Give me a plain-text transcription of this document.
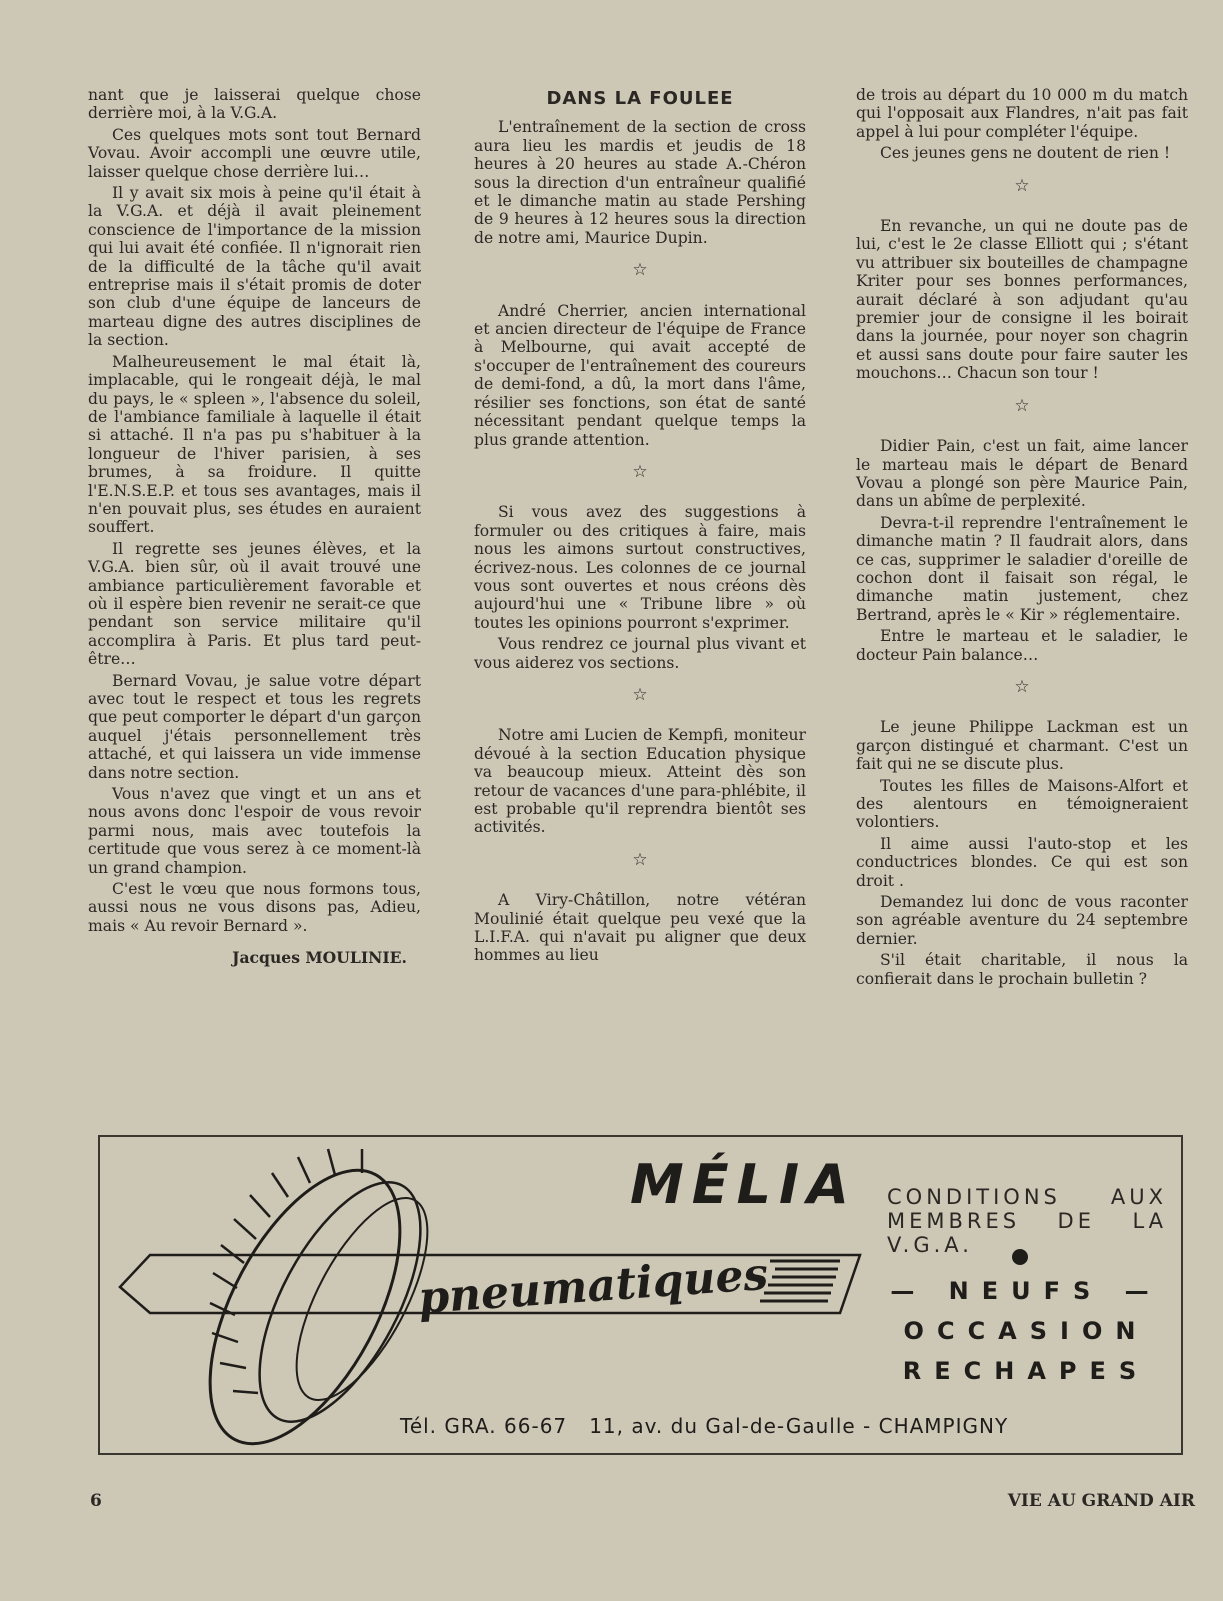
nant que je laisserai quelque chose derrière moi, à la V.G.A.

Ces quelques mots sont tout Bernard Vovau. Avoir accompli une œuvre utile, laisser quelque chose derrière lui…

Il y avait six mois à peine qu'il était à la V.G.A. et déjà il avait pleinement conscience de l'importance de la mission qui lui avait été confiée. Il n'ignorait rien de la difficulté de la tâche qu'il avait entreprise mais il s'était promis de doter son club d'une équipe de lanceurs de marteau digne des autres disciplines de la section.

Malheureusement le mal était là, implacable, qui le rongeait déjà, le mal du pays, le « spleen », l'absence du soleil, de l'ambiance familiale à laquelle il était si attaché. Il n'a pas pu s'habituer à la longueur de l'hiver parisien, à ses brumes, à sa froidure. Il quitte l'E.N.S.E.P. et tous ses avantages, mais il n'en pouvait plus, ses études en auraient souffert.

Il regrette ses jeunes élèves, et la V.G.A. bien sûr, où il avait trouvé une ambiance particulièrement favorable et où il espère bien revenir ne serait-ce que pendant son service militaire qu'il accomplira à Paris. Et plus tard peut-être…

Bernard Vovau, je salue votre départ avec tout le respect et tous les regrets que peut comporter le départ d'un garçon auquel j'étais personnellement très attaché, et qui laissera un vide immense dans notre section.

Vous n'avez que vingt et un ans et nous avons donc l'espoir de vous revoir parmi nous, mais avec toutefois la certitude que vous serez à ce moment-là un grand champion.

C'est le vœu que nous formons tous, aussi nous ne vous disons pas, Adieu, mais « Au revoir Bernard ».

Jacques MOULINIE.
DANS LA FOULEE

L'entraînement de la section de cross aura lieu les mardis et jeudis de 18 heures à 20 heures au stade A.-Chéron sous la direction d'un entraîneur qualifié et le dimanche matin au stade Pershing de 9 heures à 12 heures sous la direction de notre ami, Maurice Dupin.

☆

André Cherrier, ancien international et ancien directeur de l'équipe de France à Melbourne, qui avait accepté de s'occuper de l'entraînement des coureurs de demi-fond, a dû, la mort dans l'âme, résilier ses fonctions, son état de santé nécessitant pendant quelque temps la plus grande attention.

☆

Si vous avez des suggestions à formuler ou des critiques à faire, mais nous les aimons surtout constructives, écrivez-nous. Les colonnes de ce journal vous sont ouvertes et nous créons dès aujourd'hui une « Tribune libre » où toutes les opinions pourront s'exprimer.

Vous rendrez ce journal plus vivant et vous aiderez vos sections.

☆

Notre ami Lucien de Kempfi, moniteur dévoué à la section Education physique va beaucoup mieux. Atteint dès son retour de vacances d'une para-phlébite, il est probable qu'il reprendra bientôt ses activités.

☆

A Viry-Châtillon, notre vétéran Moulinié était quelque peu vexé que la L.I.F.A. qui n'avait pu aligner que deux hommes au lieu

de trois au départ du 10 000 m du match qui l'opposait aux Flandres, n'ait pas fait appel à lui pour compléter l'équipe.

Ces jeunes gens ne doutent de rien !

☆

En revanche, un qui ne doute pas de lui, c'est le 2e classe Elliott qui ; s'étant vu attribuer six bouteilles de champagne Kriter pour ses bonnes performances, aurait déclaré à son adjudant qu'au premier jour de consigne il les boirait dans la journée, pour noyer son chagrin et aussi sans doute pour faire sauter les mouchons… Chacun son tour !

☆

Didier Pain, c'est un fait, aime lancer le marteau mais le départ de Benard Vovau a plongé son père Maurice Pain, dans un abîme de perplexité.

Devra-t-il reprendre l'entraînement le dimanche matin ? Il faudrait alors, dans ce cas, supprimer le saladier d'oreille de cochon dont il faisait son régal, le dimanche matin justement, chez Bertrand, après le « Kir » réglementaire.

Entre le marteau et le saladier, le docteur Pain balance…

☆

Le jeune Philippe Lackman est un garçon distingué et charmant. C'est un fait qui ne se discute plus.

Toutes les filles de Maisons-Alfort et des alentours en témoigneraient volontiers.

Il aime aussi l'auto-stop et les conductrices blondes. Ce qui est son droit .

Demandez lui donc de vous raconter son agréable aventure du 24 septembre dernier.

S'il était charitable, il nous la confierait dans le prochain bulletin ?

MÉLIA
pneumatiques
CONDITIONS AUX MEMBRES DE LA V.G.A.
— NEUFS —
OCCASION
RECHAPES
Tél. GRA. 66-67   11, av. du Gal-de-Gaulle - CHAMPIGNY
6	VIE AU GRAND AIR
